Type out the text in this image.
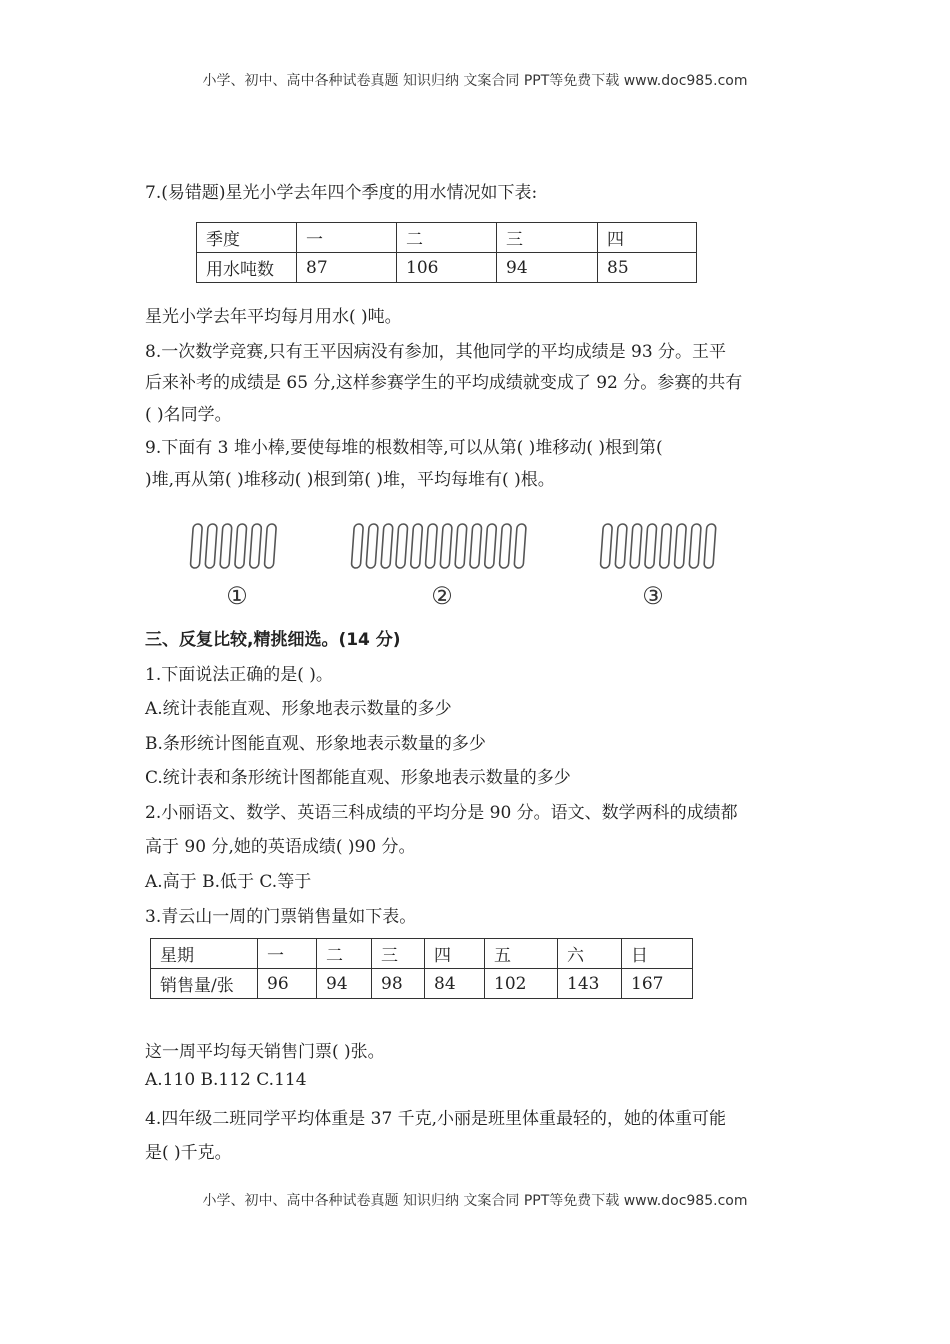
小学、初中、高中各种试卷真题 知识归纳 文案合同 PPT等免费下载 www.doc985.com
7.(易错题)星光小学去年四个季度的用水情况如下表:
季度	一	二	三	四
用水吨数	87	106	94	85
星光小学去年平均每月用水( )吨。
8.一次数学竞赛,只有王平因病没有参加，其他同学的平均成绩是 93 分。王平
后来补考的成绩是 65 分,这样参赛学生的平均成绩就变成了 92 分。参赛的共有
( )名同学。
9.下面有 3 堆小棒,要使每堆的根数相等,可以从第( )堆移动( )根到第(
)堆,再从第( )堆移动( )根到第( )堆，平均每堆有( )根。
①	②	③
三、反复比较,精挑细选。(14 分)
1.下面说法正确的是( )。
A.统计表能直观、形象地表示数量的多少
B.条形统计图能直观、形象地表示数量的多少
C.统计表和条形统计图都能直观、形象地表示数量的多少
2.小丽语文、数学、英语三科成绩的平均分是 90 分。语文、数学两科的成绩都
高于 90 分,她的英语成绩( )90 分。
A.高于 B.低于 C.等于
3.青云山一周的门票销售量如下表。
星期	一	二	三	四	五	六	日
销售量/张	96	94	98	84	102	143	167
这一周平均每天销售门票( )张。
A.110 B.112 C.114
4.四年级二班同学平均体重是 37 千克,小丽是班里体重最轻的，她的体重可能
是( )千克。
小学、初中、高中各种试卷真题 知识归纳 文案合同 PPT等免费下载 www.doc985.com
